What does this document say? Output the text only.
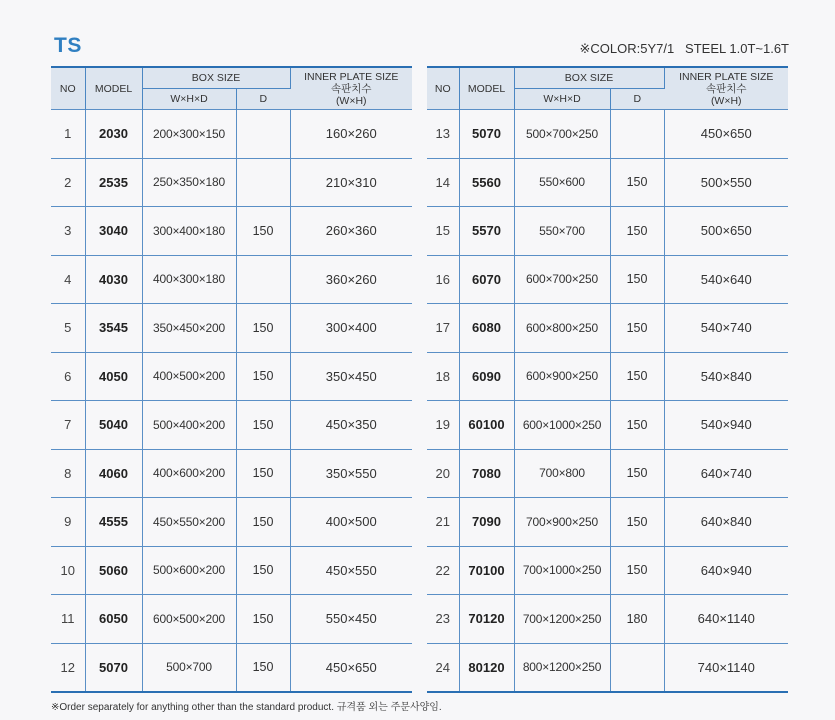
TS	※COLOR:5Y7/1   STEEL 1.0T~1.6T
NO	MODEL	BOX SIZE		INNER PLATE SIZE
속판치수
(W×H)

		W×H×D	D	
1	2030	200×300×150		160×260
2	2535	250×350×180		210×310
3	3040	300×400×180	150	260×360
4	4030	400×300×180		360×260
5	3545	350×450×200	150	300×400
6	4050	400×500×200	150	350×450
7	5040	500×400×200	150	450×350
8	4060	400×600×200	150	350×550
9	4555	450×550×200	150	400×500
10	5060	500×600×200	150	450×550
11	6050	600×500×200	150	550×450
12	5070	500×700	150	450×650
NO	MODEL	BOX SIZE		INNER PLATE SIZE
속판치수
(W×H)

		W×H×D	D	
13	5070	500×700×250		450×650
14	5560	550×600	150	500×550
15	5570	550×700	150	500×650
16	6070	600×700×250	150	540×640
17	6080	600×800×250	150	540×740
18	6090	600×900×250	150	540×840
19	60100	600×1000×250	150	540×940
20	7080	700×800	150	640×740
21	7090	700×900×250	150	640×840
22	70100	700×1000×250	150	640×940
23	70120	700×1200×250	180	640×1140
24	80120	800×1200×250		740×1140
※Order separately for anything other than the standard product. 규격품 외는 주문사양임.
